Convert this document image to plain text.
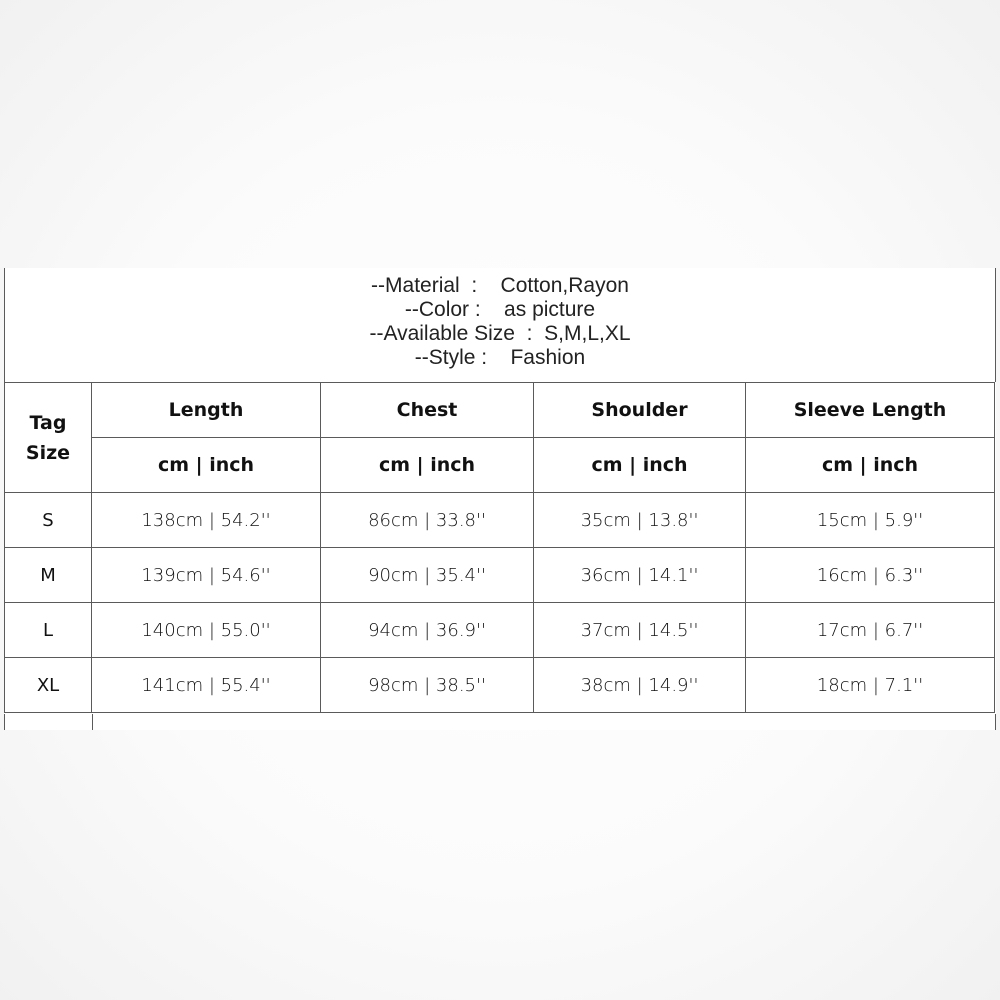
--Material  :    Cotton,Rayon
--Color :    as picture
--Available Size  :  S,M,L,XL
--Style :    Fashion
Tag
Size	Length	Chest	Shoulder	Sleeve Length
	cm | inch	cm | inch	cm | inch	cm | inch
S	138cm | 54.2''	86cm | 33.8''	35cm | 13.8''	15cm | 5.9''
M	139cm | 54.6''	90cm | 35.4''	36cm | 14.1''	16cm | 6.3''
L	140cm | 55.0''	94cm | 36.9''	37cm | 14.5''	17cm | 6.7''
XL	141cm | 55.4''	98cm | 38.5''	38cm | 14.9''	18cm | 7.1''
